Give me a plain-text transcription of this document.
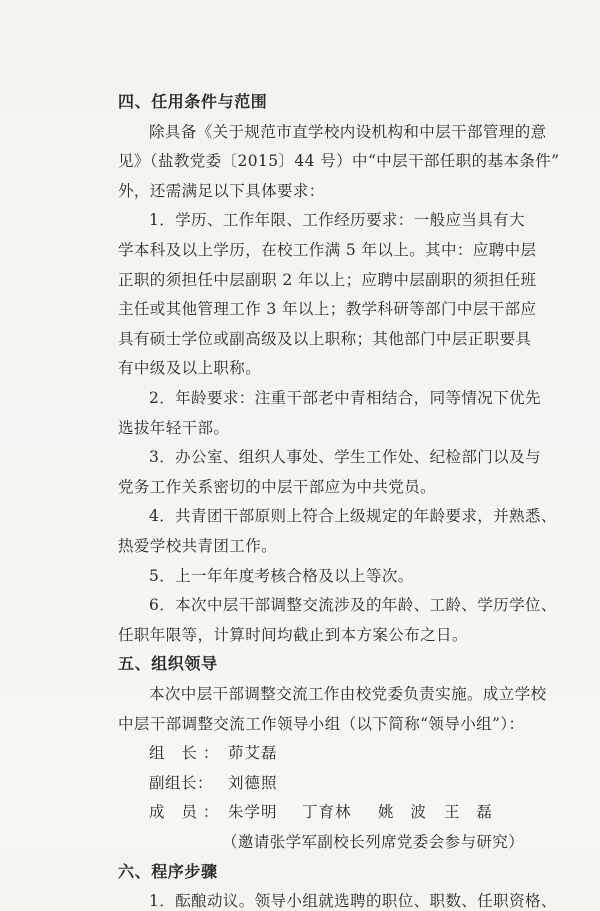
四、任用条件与范围
除具备《关于规范市直学校内设机构和中层干部管理的意
见》（盐教党委〔2015〕44 号）中“中层干部任职的基本条件”
外，还需满足以下具体要求：
1．学历、工作年限、工作经历要求：一般应当具有大
学本科及以上学历，在校工作满 5 年以上。其中：应聘中层
正职的须担任中层副职 2 年以上；应聘中层副职的须担任班
主任或其他管理工作 3 年以上；教学科研等部门中层干部应
具有硕士学位或副高级及以上职称；其他部门中层正职要具
有中级及以上职称。
2．年龄要求：注重干部老中青相结合，同等情况下优先
选拔年轻干部。
3．办公室、组织人事处、学生工作处、纪检部门以及与
党务工作关系密切的中层干部应为中共党员。
4．共青团干部原则上符合上级规定的年龄要求，并熟悉、
热爱学校共青团工作。
5．上一年年度考核合格及以上等次。
6．本次中层干部调整交流涉及的年龄、工龄、学历学位、
任职年限等，计算时间均截止到本方案公布之日。
五、组织领导
本次中层干部调整交流工作由校党委负责实施。成立学校
中层干部调整交流工作领导小组（以下简称“领导小组”）：
组 长： 茆艾磊
副组长： 刘德照
成 员： 朱学明 丁育林 姚 波 王 磊
（邀请张学军副校长列席党委会参与研究）
六、程序步骤
1．酝酿动议。领导小组就选聘的职位、职数、任职资格、
